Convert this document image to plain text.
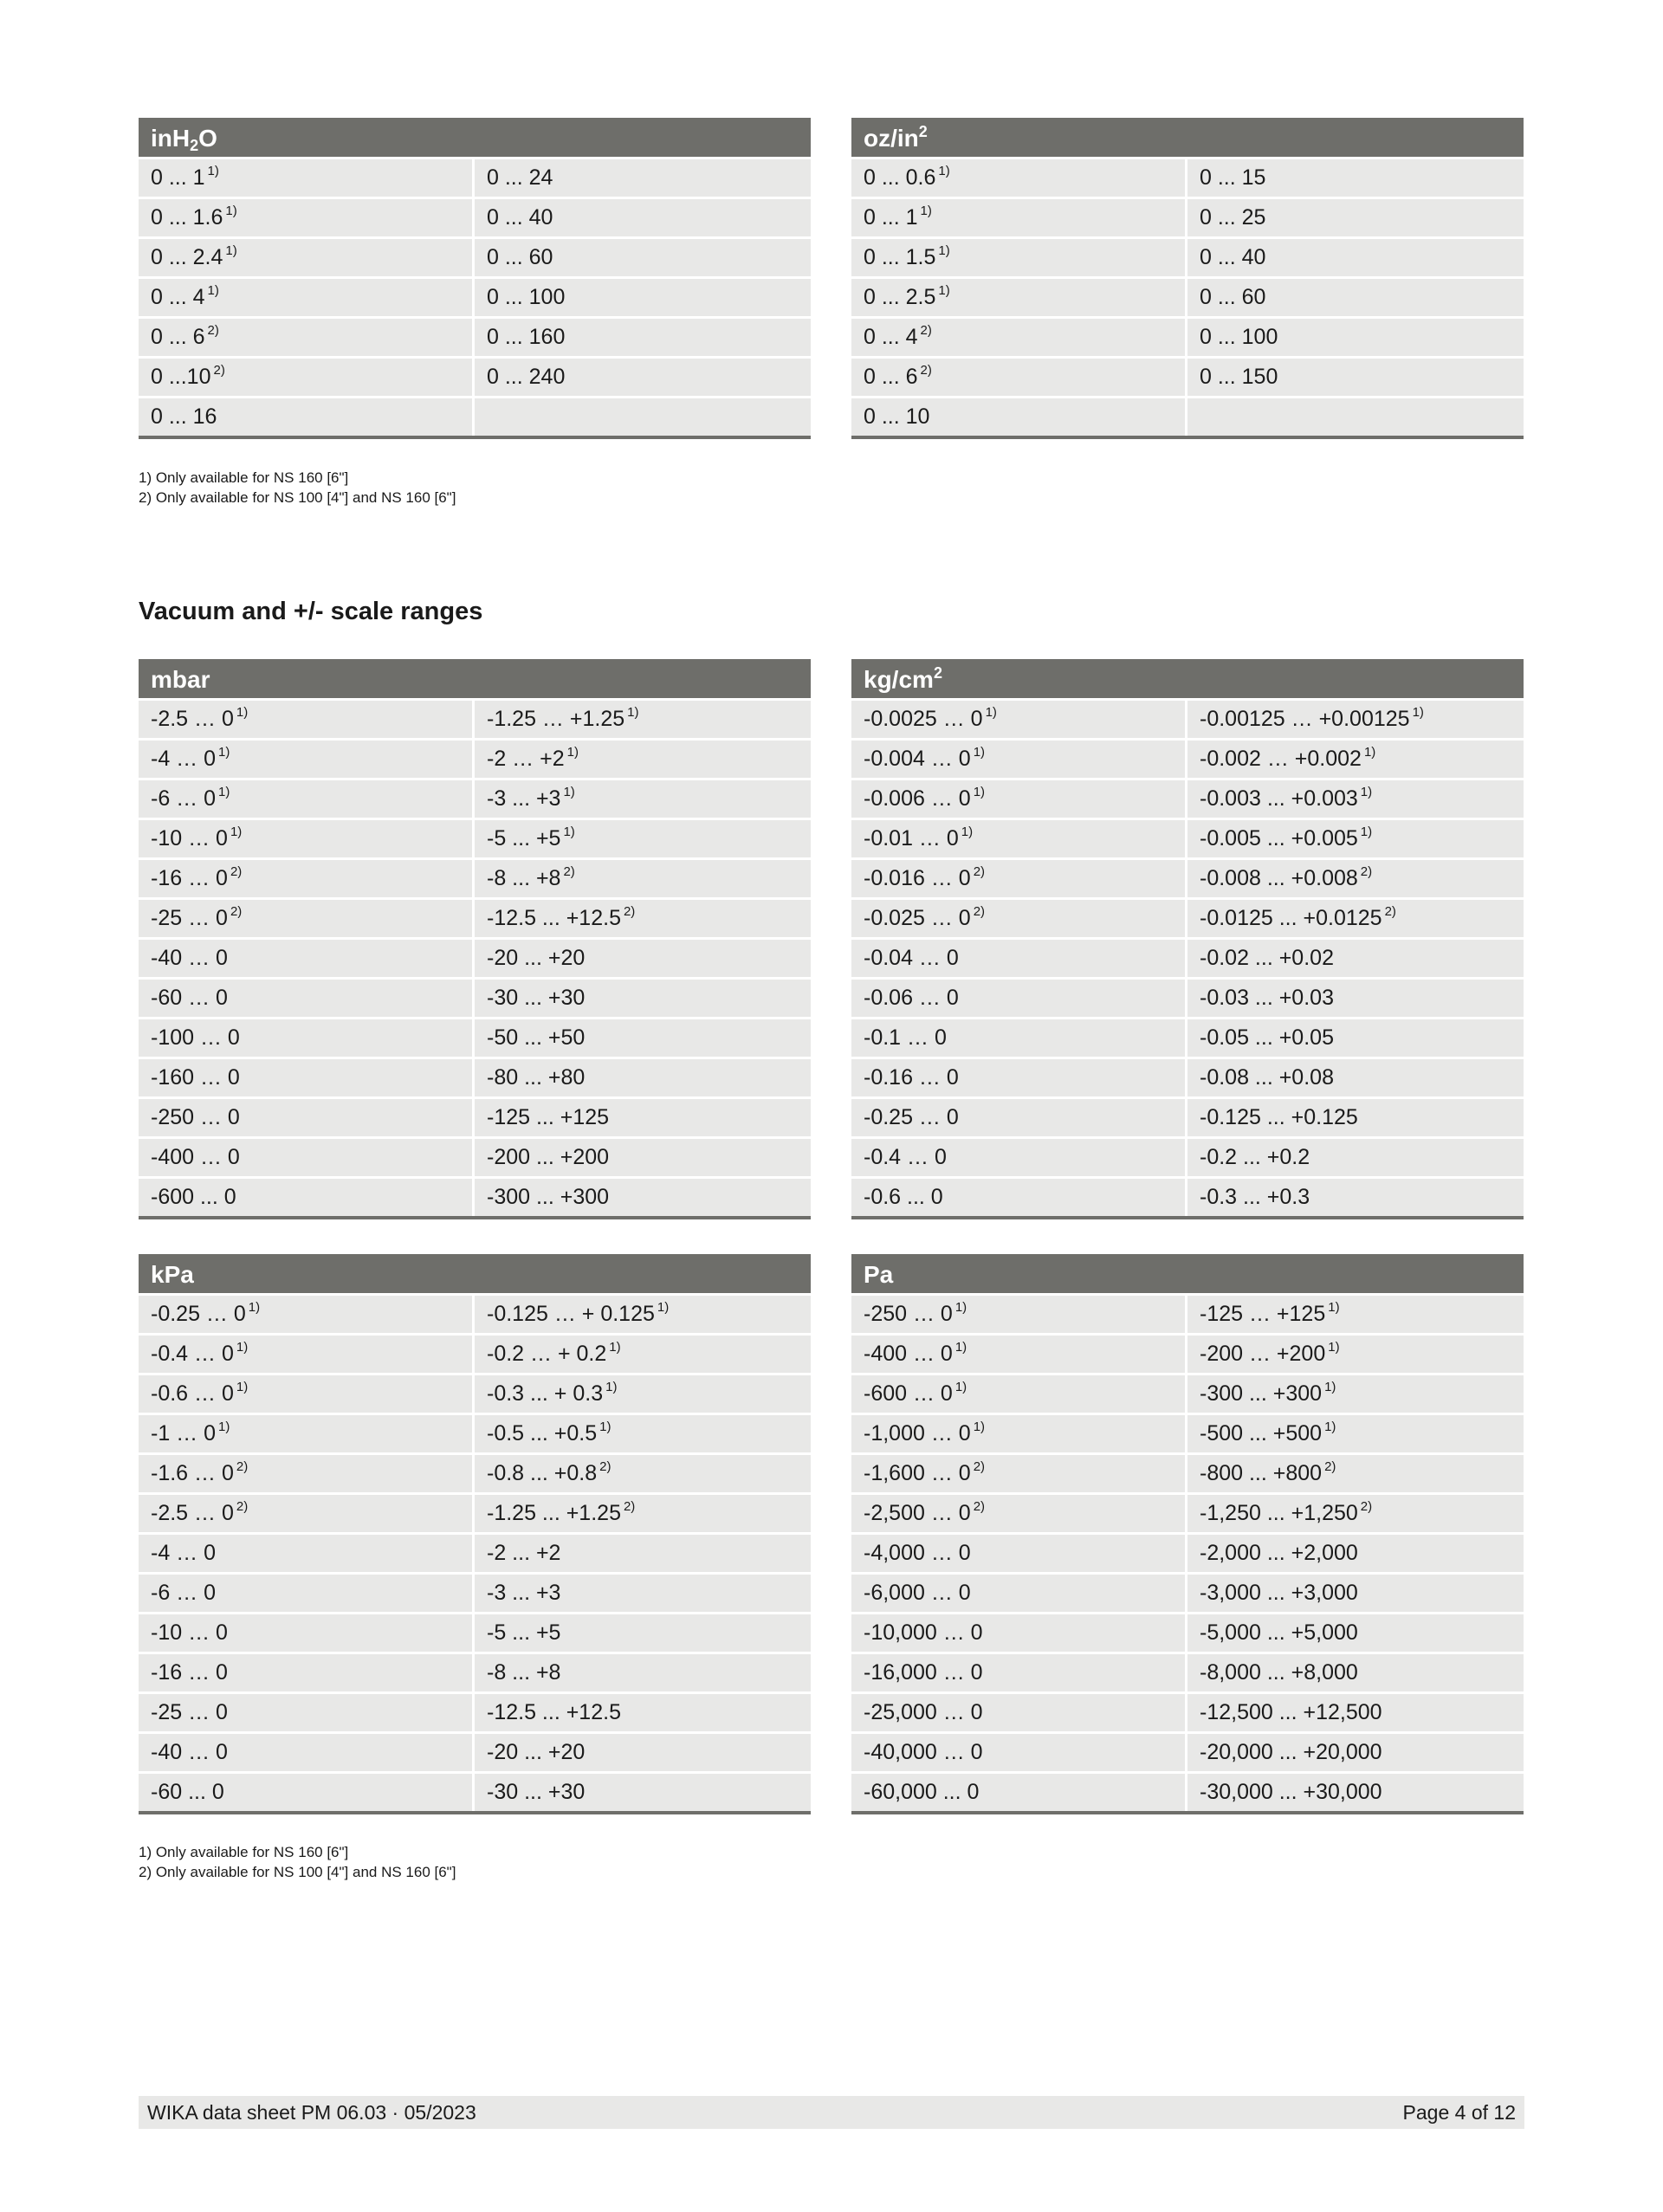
inH$_2$O
0 ... 1 $^{1)}$	0 ... 24
0 ... 1.6 $^{1)}$	0 ... 40
0 ... 2.4 $^{1)}$	0 ... 60
0 ... 4 $^{1)}$	0 ... 100
0 ... 6 $^{2)}$	0 ... 160
0 ...10 $^{2)}$	0 ... 240
0 ... 16
$oz/in^2$
0 ... 0.6 $^{1)}$	0 ... 15
0 ... 1 $^{1)}$	0 ... 25
0 ... 1.5 $^{1)}$	0 ... 40
0 ... 2.5 $^{1)}$	0 ... 60
0 ... 4 $^{2)}$	0 ... 100
0 ... 6 $^{2)}$	0 ... 150
0 ... 10
1) Only available for NS 160 [6"]
2) Only available for NS 100 [4"] and NS 160 [6"]
Vacuum and +/- scale ranges
mbar
-2.5 … 0 $^{1)}$	-1.25 … +1.25 $^{1)}$
-4 … 0 $^{1)}$	-2 … +2 $^{1)}$
-6 … 0 $^{1)}$	-3 ... +3 $^{1)}$
-10 … 0 $^{1)}$	-5 ... +5 $^{1)}$
-16 … 0 $^{2)}$	-8 ... +8 $^{2)}$
-25 … 0 $^{2)}$	-12.5 ... +12.5 $^{2)}$
-40 … 0	-20 ... +20
-60 … 0	-30 ... +30
-100 … 0	-50 ... +50
-160 … 0	-80 ... +80
-250 … 0	-125 ... +125
-400 … 0	-200 ... +200
-600 ... 0	-300 ... +300
$kg/cm^2$
-0.0025 … 0 $^{1)}$	-0.00125 … +0.00125 $^{1)}$
-0.004 … 0 $^{1)}$	-0.002 … +0.002 $^{1)}$
-0.006 … 0 $^{1)}$	-0.003 ... +0.003 $^{1)}$
-0.01 … 0 $^{1)}$	-0.005 ... +0.005 $^{1)}$
-0.016 … 0 $^{2)}$	-0.008 ... +0.008 $^{2)}$
-0.025 … 0 $^{2)}$	-0.0125 ... +0.0125 $^{2)}$
-0.04 … 0	-0.02 ... +0.02
-0.06 … 0	-0.03 ... +0.03
-0.1 … 0	-0.05 ... +0.05
-0.16 … 0	-0.08 ... +0.08
-0.25 … 0	-0.125 ... +0.125
-0.4 … 0	-0.2 ... +0.2
-0.6 ... 0	-0.3 ... +0.3
kPa
-0.25 … 0 $^{1)}$	-0.125 … + 0.125 $^{1)}$
-0.4 … 0 $^{1)}$	-0.2 … + 0.2 $^{1)}$
-0.6 … 0 $^{1)}$	-0.3 ... + 0.3 $^{1)}$
-1 … 0 $^{1)}$	-0.5 ... +0.5 $^{1)}$
-1.6 … 0 $^{2)}$	-0.8 ... +0.8 $^{2)}$
-2.5 … 0 $^{2)}$	-1.25 ... +1.25 $^{2)}$
-4 … 0	-2 ... +2
-6 … 0	-3 ... +3
-10 … 0	-5 ... +5
-16 … 0	-8 ... +8
-25 … 0	-12.5 ... +12.5
-40 … 0	-20 ... +20
-60 ... 0	-30 ... +30
Pa
-250 … 0 $^{1)}$	-125 … +125 $^{1)}$
-400 … 0 $^{1)}$	-200 … +200 $^{1)}$
-600 … 0 $^{1)}$	-300 ... +300 $^{1)}$
-1,000 … 0 $^{1)}$	-500 ... +500 $^{1)}$
-1,600 … 0 $^{2)}$	-800 ... +800 $^{2)}$
-2,500 … 0 $^{2)}$	-1,250 ... +1,250 $^{2)}$
-4,000 … 0	-2,000 ... +2,000
-6,000 … 0	-3,000 ... +3,000
-10,000 … 0	-5,000 ... +5,000
-16,000 … 0	-8,000 ... +8,000
-25,000 … 0	-12,500 ... +12,500
-40,000 … 0	-20,000 ... +20,000
-60,000 ... 0	-30,000 ... +30,000
1) Only available for NS 160 [6"]
2) Only available for NS 100 [4"] and NS 160 [6"]
WIKA data sheet PM 06.03 · 05/2023	Page 4 of 12
